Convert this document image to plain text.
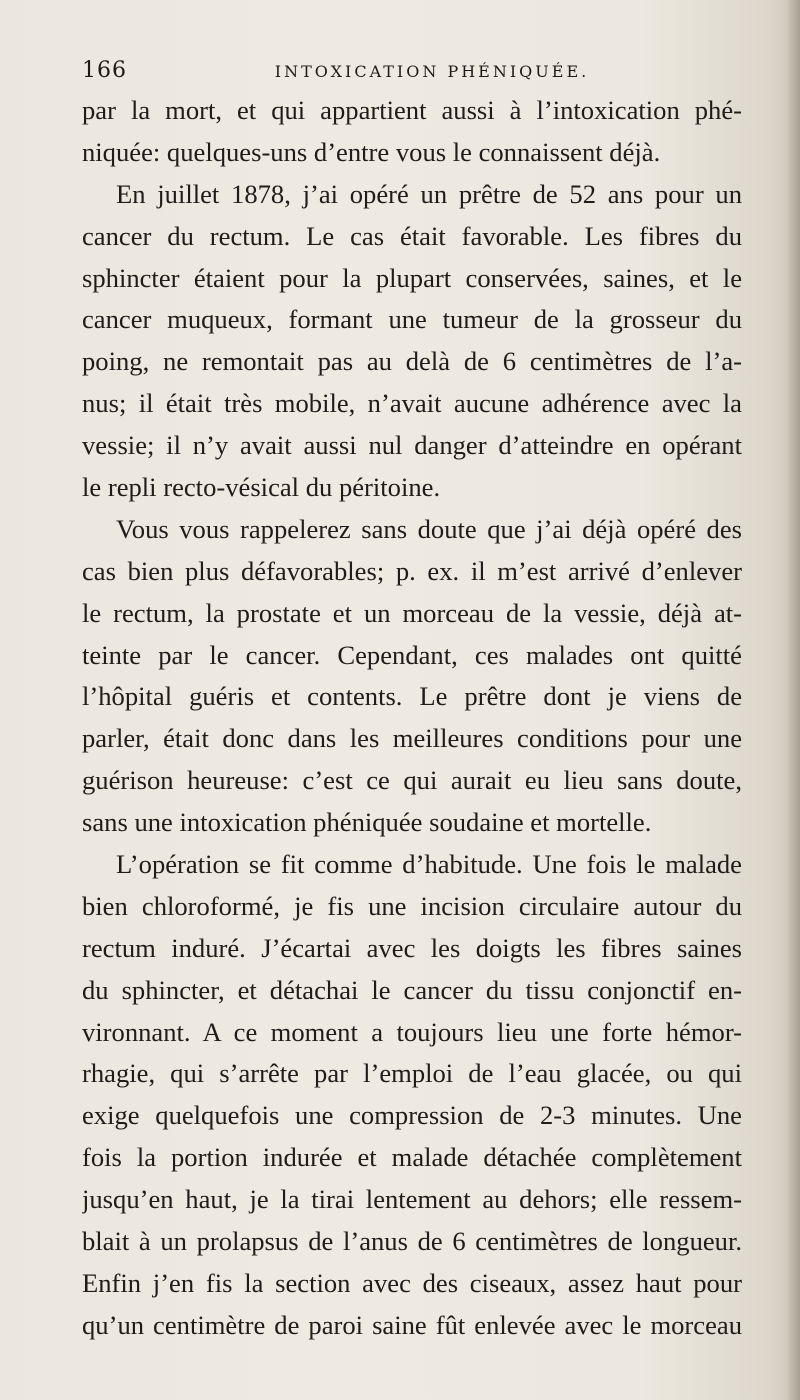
166	INTOXICATION PHÉNIQUÉE.
par la mort, et qui appartient aussi à l’intoxication phé-
niquée: quelques-uns d’entre vous le connaissent déjà.
En juillet 1878, j’ai opéré un prêtre de 52 ans pour un
cancer du rectum. Le cas était favorable. Les fibres du
sphincter étaient pour la plupart conservées, saines, et le
cancer muqueux, formant une tumeur de la grosseur du
poing, ne remontait pas au delà de 6 centimètres de l’a-
nus; il était très mobile, n’avait aucune adhérence avec la
vessie; il n’y avait aussi nul danger d’atteindre en opérant
le repli recto-vésical du péritoine.
Vous vous rappelerez sans doute que j’ai déjà opéré des
cas bien plus défavorables; p. ex. il m’est arrivé d’enlever
le rectum, la prostate et un morceau de la vessie, déjà at-
teinte par le cancer. Cependant, ces malades ont quitté
l’hôpital guéris et contents. Le prêtre dont je viens de
parler, était donc dans les meilleures conditions pour une
guérison heureuse: c’est ce qui aurait eu lieu sans doute,
sans une intoxication phéniquée soudaine et mortelle.
L’opération se fit comme d’habitude. Une fois le malade
bien chloroformé, je fis une incision circulaire autour du
rectum induré. J’écartai avec les doigts les fibres saines
du sphincter, et détachai le cancer du tissu conjonctif en-
vironnant. A ce moment a toujours lieu une forte hémor-
rhagie, qui s’arrête par l’emploi de l’eau glacée, ou qui
exige quelquefois une compression de 2-3 minutes. Une
fois la portion indurée et malade détachée complètement
jusqu’en haut, je la tirai lentement au dehors; elle ressem-
blait à un prolapsus de l’anus de 6 centimètres de longueur.
Enfin j’en fis la section avec des ciseaux, assez haut pour
qu’un centimètre de paroi saine fût enlevée avec le morceau
